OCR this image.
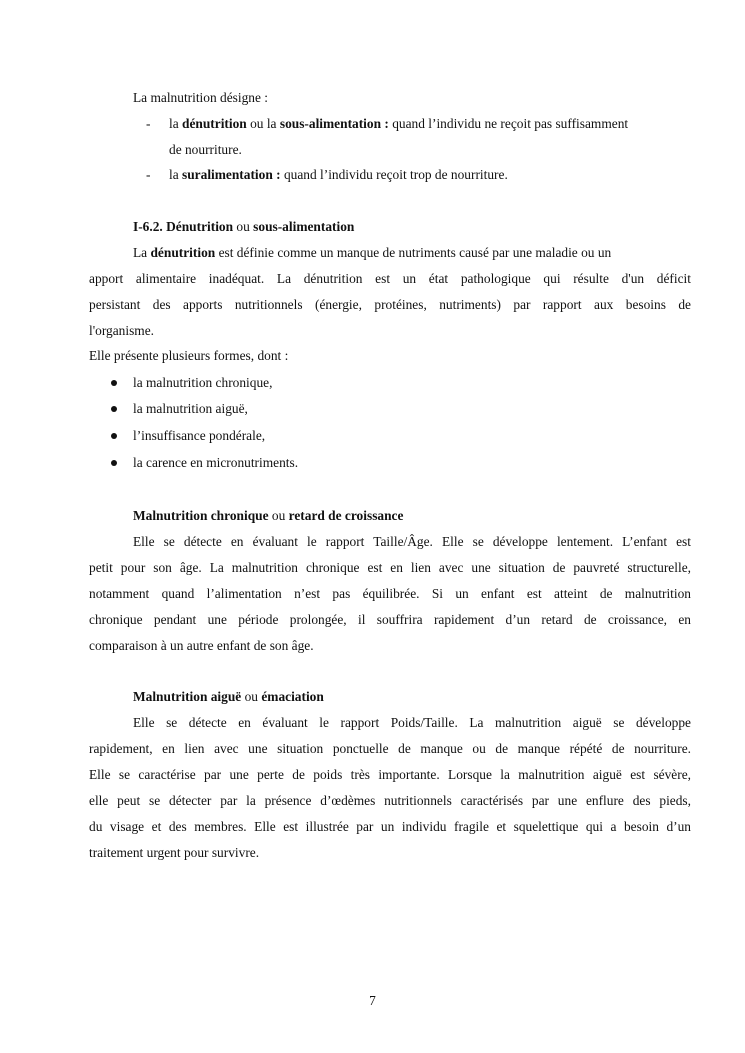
La malnutrition désigne :
- la dénutrition ou la sous-alimentation : quand l’individu ne reçoit pas suffisamment
de nourriture.
- la suralimentation : quand l’individu reçoit trop de nourriture.
I-6.2. Dénutrition ou sous-alimentation
La dénutrition est définie comme un manque de nutriments causé par une maladie ou un
apport alimentaire inadéquat. La dénutrition est un état pathologique qui résulte d'un déficit
persistant des apports nutritionnels (énergie, protéines, nutriments) par rapport aux besoins de
l'organisme.
Elle présente plusieurs formes, dont :
la malnutrition chronique,
la malnutrition aiguë,
l’insuffisance pondérale,
la carence en micronutriments.
Malnutrition chronique ou retard de croissance
Elle se détecte en évaluant le rapport Taille/Âge. Elle se développe lentement. L’enfant est
petit pour son âge. La malnutrition chronique est en lien avec une situation de pauvreté structurelle,
notamment quand l’alimentation n’est pas équilibrée. Si un enfant est atteint de malnutrition
chronique pendant une période prolongée, il souffrira rapidement d’un retard de croissance, en
comparaison à un autre enfant de son âge.
Malnutrition aiguë ou émaciation
Elle se détecte en évaluant le rapport Poids/Taille. La malnutrition aiguë se développe
rapidement, en lien avec une situation ponctuelle de manque ou de manque répété de nourriture.
Elle se caractérise par une perte de poids très importante. Lorsque la malnutrition aiguë est sévère,
elle peut se détecter par la présence d’œdèmes nutritionnels caractérisés par une enflure des pieds,
du visage et des membres. Elle est illustrée par un individu fragile et squelettique qui a besoin d’un
traitement urgent pour survivre.
7
